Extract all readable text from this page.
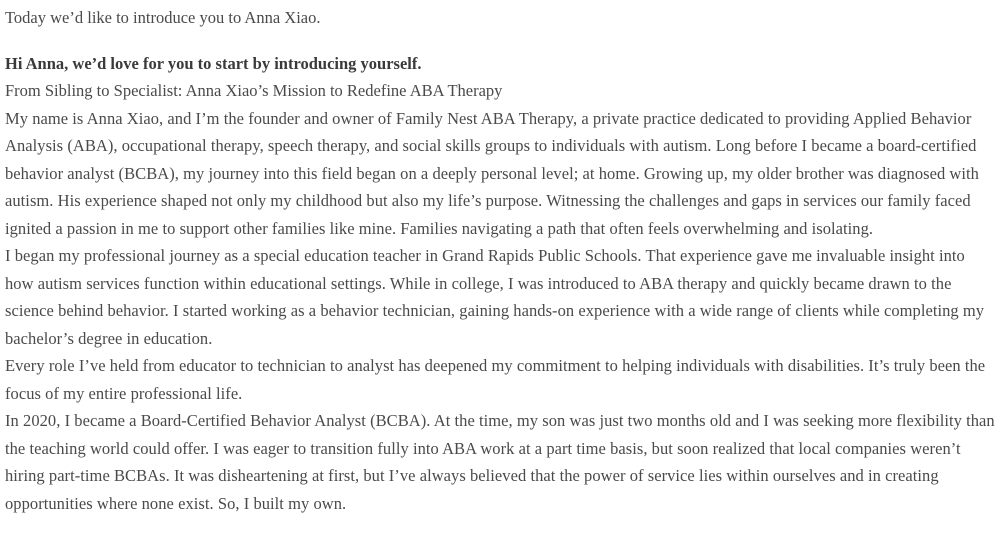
Today we’d like to introduce you to Anna Xiao.

Hi Anna, we’d love for you to start by introducing yourself.

From Sibling to Specialist: Anna Xiao’s Mission to Redefine ABA Therapy

My name is Anna Xiao, and I’m the founder and owner of Family Nest ABA Therapy, a private practice dedicated to providing Applied Behavior Analysis (ABA), occupational therapy, speech therapy, and social skills groups to individuals with autism. Long before I became a board-certified behavior analyst (BCBA), my journey into this field began on a deeply personal level; at home. Growing up, my older brother was diagnosed with autism. His experience shaped not only my childhood but also my life’s purpose. Witnessing the challenges and gaps in services our family faced ignited a passion in me to support other families like mine. Families navigating a path that often feels overwhelming and isolating.

I began my professional journey as a special education teacher in Grand Rapids Public Schools. That experience gave me invaluable insight into how autism services function within educational settings. While in college, I was introduced to ABA therapy and quickly became drawn to the science behind behavior. I started working as a behavior technician, gaining hands-on experience with a wide range of clients while completing my bachelor’s degree in education.

Every role I’ve held from educator to technician to analyst has deepened my commitment to helping individuals with disabilities. It’s truly been the focus of my entire professional life.

In 2020, I became a Board-Certified Behavior Analyst (BCBA). At the time, my son was just two months old and I was seeking more flexibility than the teaching world could offer. I was eager to transition fully into ABA work at a part time basis, but soon realized that local companies weren’t hiring part-time BCBAs. It was disheartening at first, but I’ve always believed that the power of service lies within ourselves and in creating opportunities where none exist. So, I built my own.
